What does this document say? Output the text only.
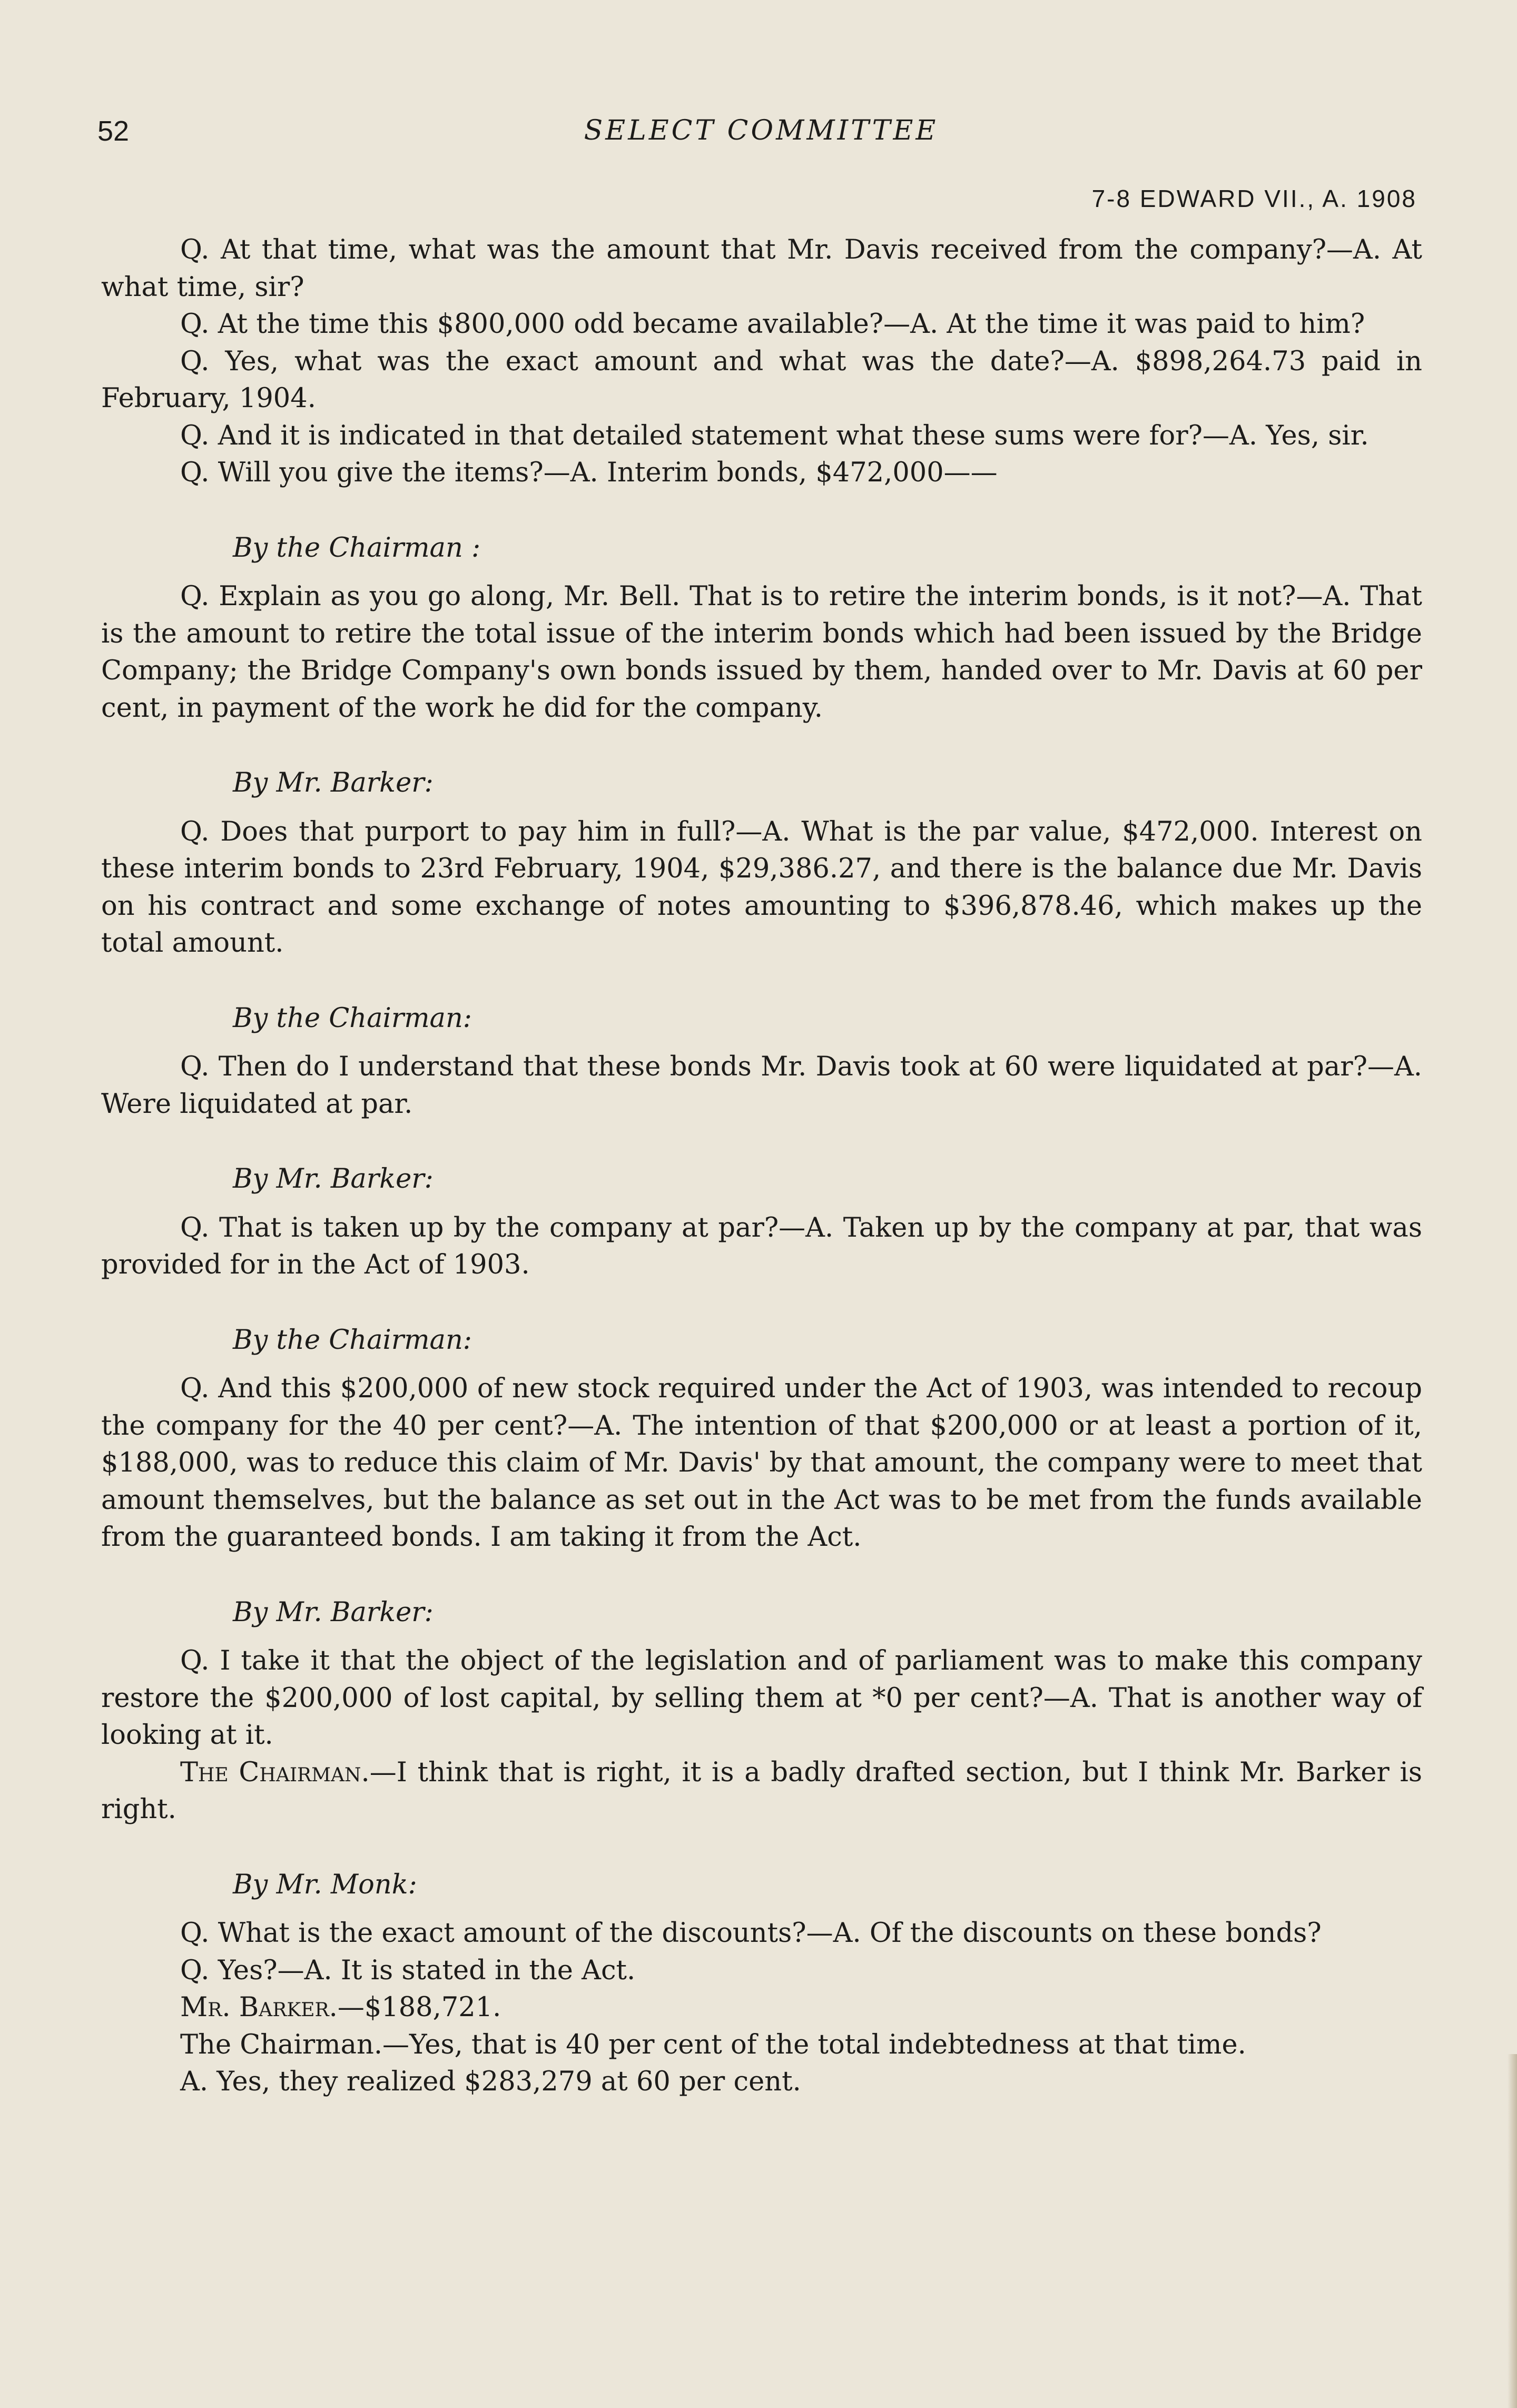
52	SELECT COMMITTEE
7-8 EDWARD VII., A. 1908

Q. At that time, what was the amount that Mr. Davis received from the company?—A. At what time, sir?

Q. At the time this $800,000 odd became available?—A. At the time it was paid to him?

Q. Yes, what was the exact amount and what was the date?—A. $898,264.73 paid in February, 1904.

Q. And it is indicated in that detailed statement what these sums were for?—A. Yes, sir.

Q. Will you give the items?—A. Interim bonds, $472,000——

By the Chairman :

Q. Explain as you go along, Mr. Bell. That is to retire the interim bonds, is it not?—A. That is the amount to retire the total issue of the interim bonds which had been issued by the Bridge Company; the Bridge Company's own bonds issued by them, handed over to Mr. Davis at 60 per cent, in payment of the work he did for the company.

By Mr. Barker:

Q. Does that purport to pay him in full?—A. What is the par value, $472,000. Interest on these interim bonds to 23rd February, 1904, $29,386.27, and there is the balance due Mr. Davis on his contract and some exchange of notes amounting to $396,878.46, which makes up the total amount.

By the Chairman:

Q. Then do I understand that these bonds Mr. Davis took at 60 were liquidated at par?—A. Were liquidated at par.

By Mr. Barker:

Q. That is taken up by the company at par?—A. Taken up by the company at par, that was provided for in the Act of 1903.

By the Chairman:

Q. And this $200,000 of new stock required under the Act of 1903, was intended to recoup the company for the 40 per cent?—A. The intention of that $200,000 or at least a portion of it, $188,000, was to reduce this claim of Mr. Davis' by that amount, the company were to meet that amount themselves, but the balance as set out in the Act was to be met from the funds available from the guaranteed bonds. I am taking it from the Act.

By Mr. Barker:

Q. I take it that the object of the legislation and of parliament was to make this company restore the $200,000 of lost capital, by selling them at *0 per cent?—A. That is another way of looking at it.

The Chairman.—I think that is right, it is a badly drafted section, but I think Mr. Barker is right.

By Mr. Monk:

Q. What is the exact amount of the discounts?—A. Of the discounts on these bonds?

Q. Yes?—A. It is stated in the Act.

Mr. Barker.—$188,721.

The Chairman.—Yes, that is 40 per cent of the total indebtedness at that time.

A. Yes, they realized $283,279 at 60 per cent.
